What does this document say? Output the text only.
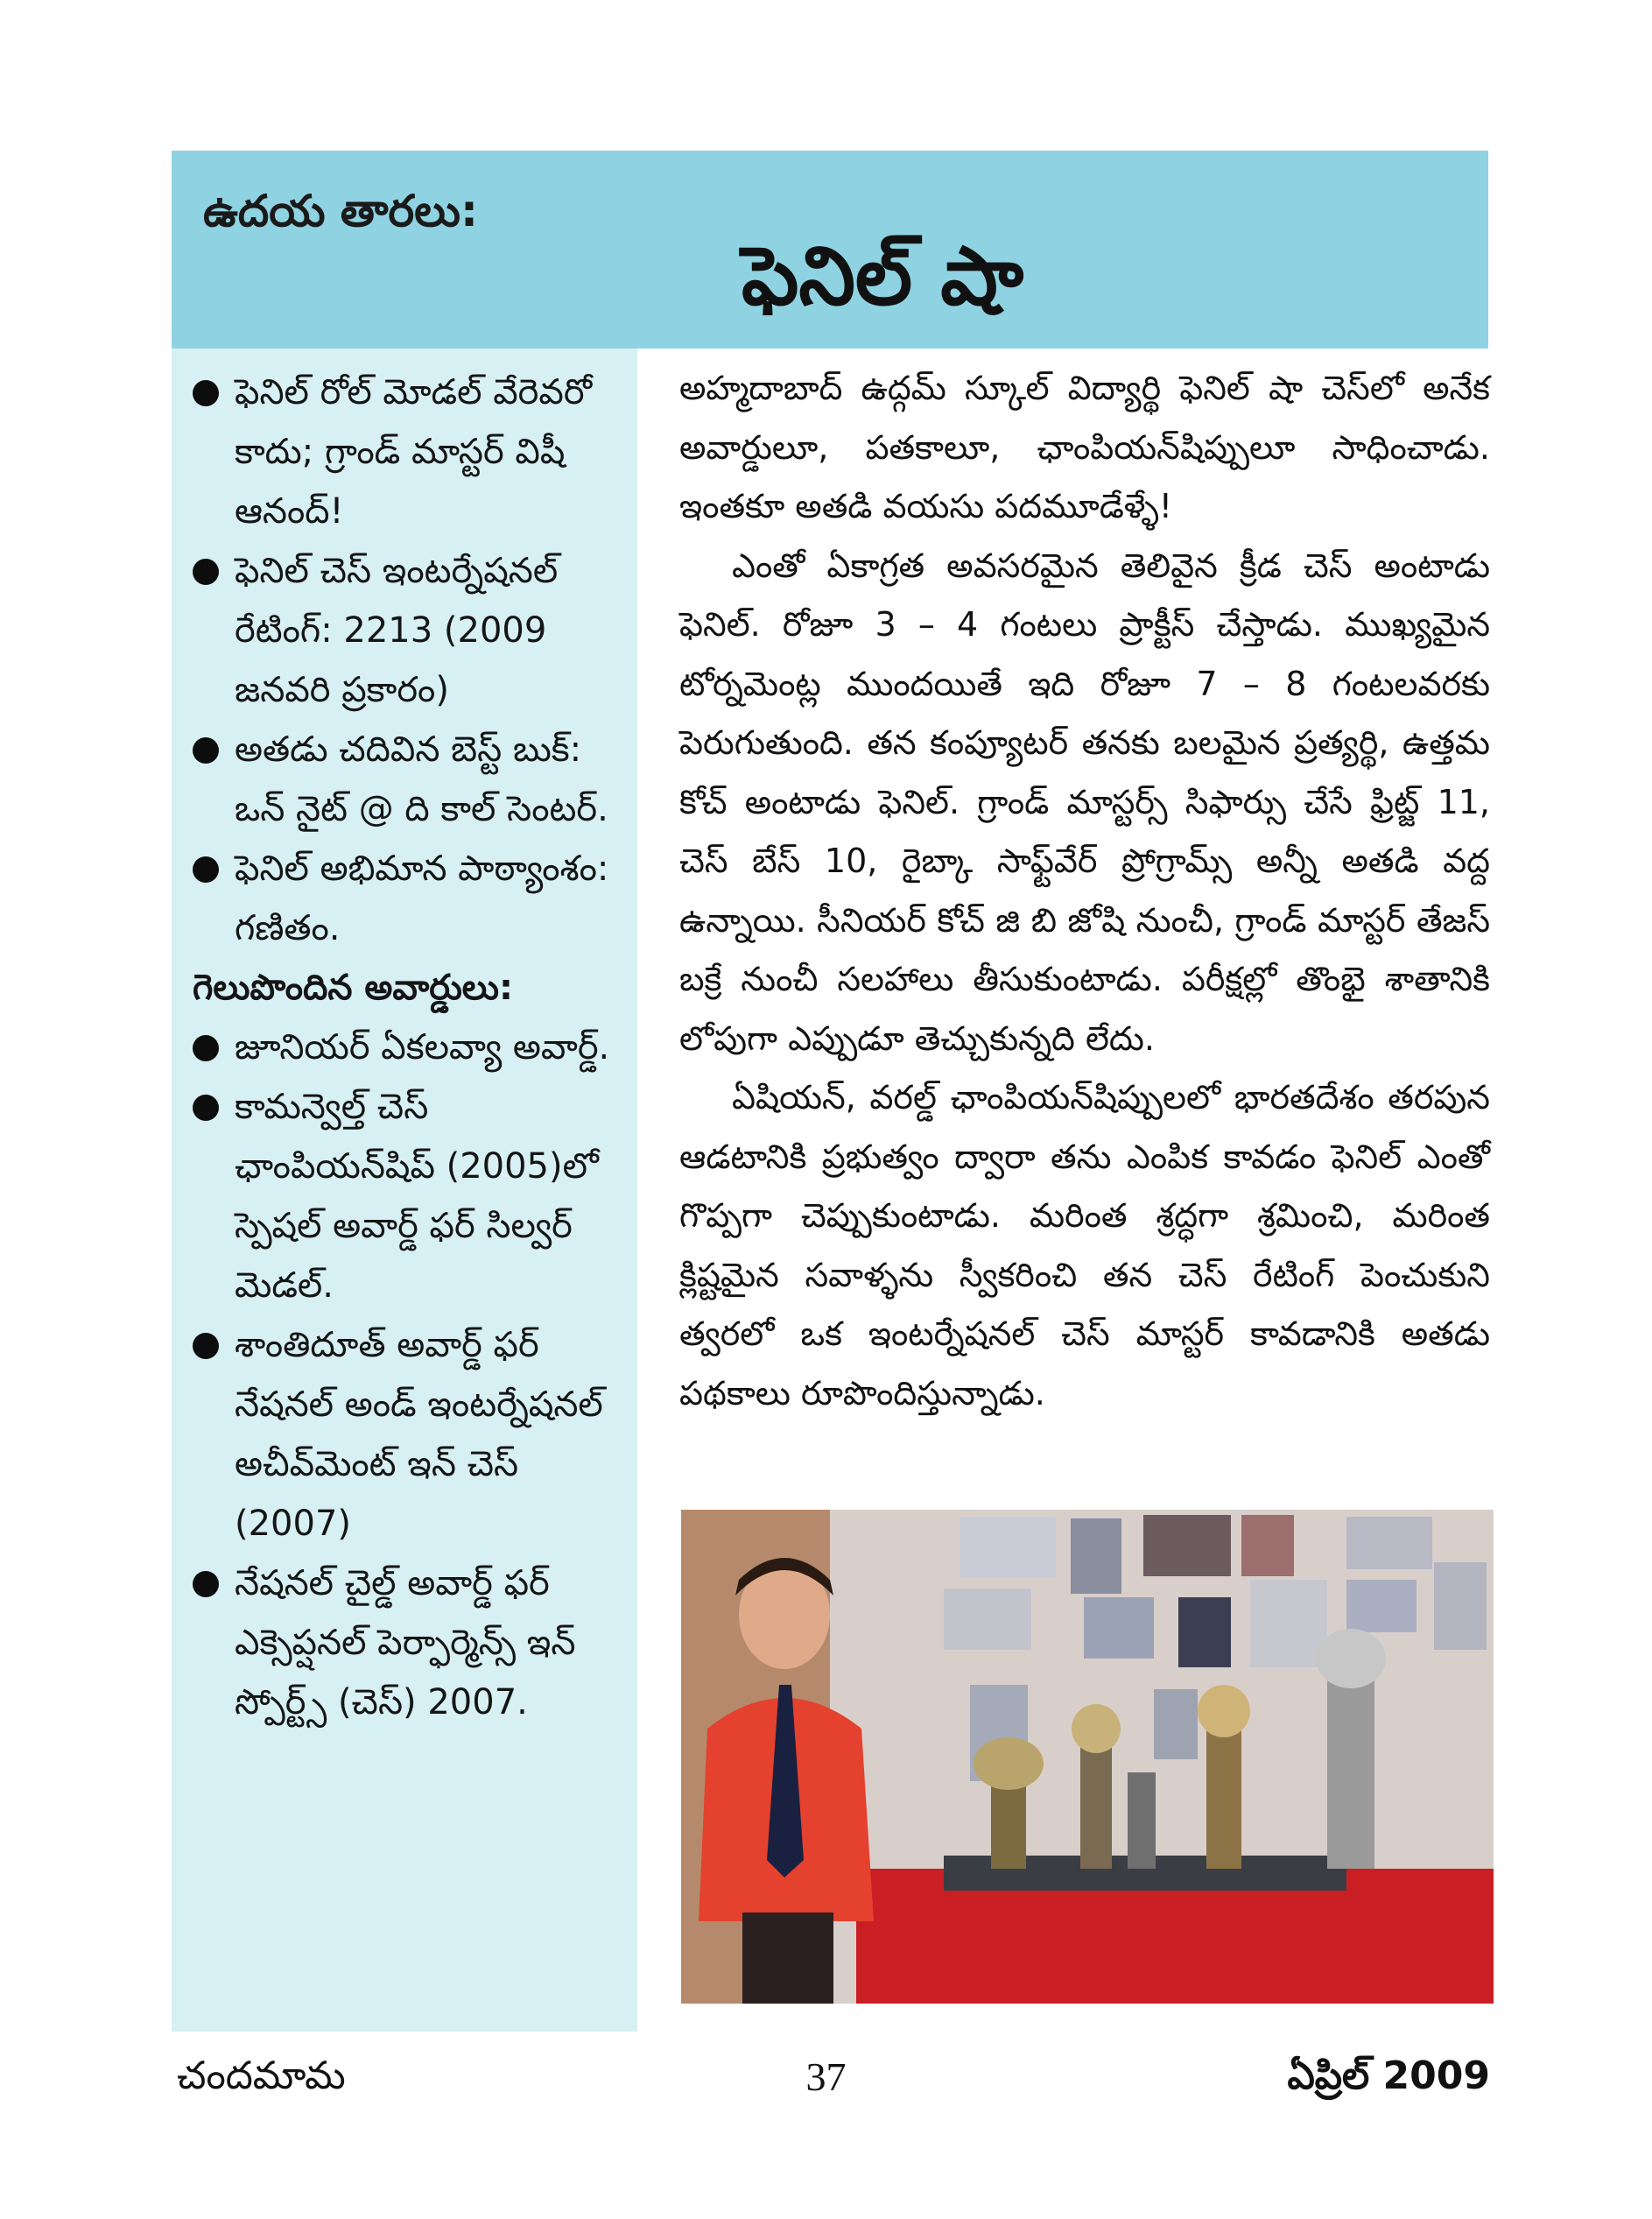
ఉదయ తారలు:
ఫెనిల్ షా
ఫెనిల్ రోల్ మోడల్ వేరెవరో కాదు; గ్రాండ్ మాస్టర్ విషీ ఆనంద్!
ఫెనిల్ చెస్ ఇంటర్నేషనల్ రేటింగ్: 2213 (2009 జనవరి ప్రకారం)
అతడు చదివిన బెస్ట్ బుక్: ఒన్ నైట్ @ ది కాల్ సెంటర్.
ఫెనిల్ అభిమాన పాఠ్యాంశం: గణితం.
గెలుపొందిన అవార్డులు:
జూనియర్ ఏకలవ్యా అవార్డ్.
కామన్వెల్త్ చెస్ ఛాంపియన్‌షిప్ (2005)లో స్పెషల్ అవార్డ్ ఫర్ సిల్వర్ మెడల్.
శాంతిదూత్ అవార్డ్ ఫర్ నేషనల్ అండ్ ఇంటర్నేషనల్ అచీవ్‌మెంట్ ఇన్ చెస్ (2007)
నేషనల్ చైల్డ్ అవార్డ్ ఫర్ ఎక్సెప్షనల్ పెర్ఫార్మెన్స్ ఇన్ స్పోర్ట్స్ (చెస్) 2007.

అహ్మదాబాద్ ఉద్గమ్ స్కూల్ విద్యార్థి ఫెనిల్ షా చెస్‌లో అనేక అవార్డులూ, పతకాలూ, ఛాంపియన్‌షిప్పులూ సాధించాడు. ఇంతకూ అతడి వయసు పదమూడేళ్ళే!

ఎంతో ఏకాగ్రత అవసరమైన తెలివైన క్రీడ చెస్ అంటాడు ఫెనిల్. రోజూ 3 – 4 గంటలు ప్రాక్టీస్ చేస్తాడు. ముఖ్యమైన టోర్నమెంట్ల ముందయితే ఇది రోజూ 7 – 8 గంటలవరకు పెరుగుతుంది. తన కంప్యూటర్ తనకు బలమైన ప్రత్యర్థి, ఉత్తమ కోచ్ అంటాడు ఫెనిల్. గ్రాండ్ మాస్టర్స్ సిఫార్సు చేసే ఫ్రిట్జ్ 11, చెస్ బేస్ 10, రైబ్కా సాఫ్ట్‌వేర్ ప్రోగ్రామ్స్ అన్నీ అతడి వద్ద ఉన్నాయి. సీనియర్ కోచ్ జి బి జోషి నుంచీ, గ్రాండ్ మాస్టర్ తేజస్ బక్రే నుంచీ సలహాలు తీసుకుంటాడు. పరీక్షల్లో తొంభై శాతానికి లోపుగా ఎప్పుడూ తెచ్చుకున్నది లేదు.

ఏషియన్, వరల్డ్ ఛాంపియన్‌షిప్పులలో భారతదేశం తరపున ఆడటానికి ప్రభుత్వం ద్వారా తను ఎంపిక కావడం ఫెనిల్ ఎంతో గొప్పగా చెప్పుకుంటాడు. మరింత శ్రద్ధగా శ్రమించి, మరింత క్లిష్టమైన సవాళ్ళను స్వీకరించి తన చెస్ రేటింగ్ పెంచుకుని త్వరలో ఒక ఇంటర్నేషనల్ చెస్ మాస్టర్ కావడానికి అతడు పథకాలు రూపొందిస్తున్నాడు.

చందమామ	37	ఏప్రిల్ 2009
